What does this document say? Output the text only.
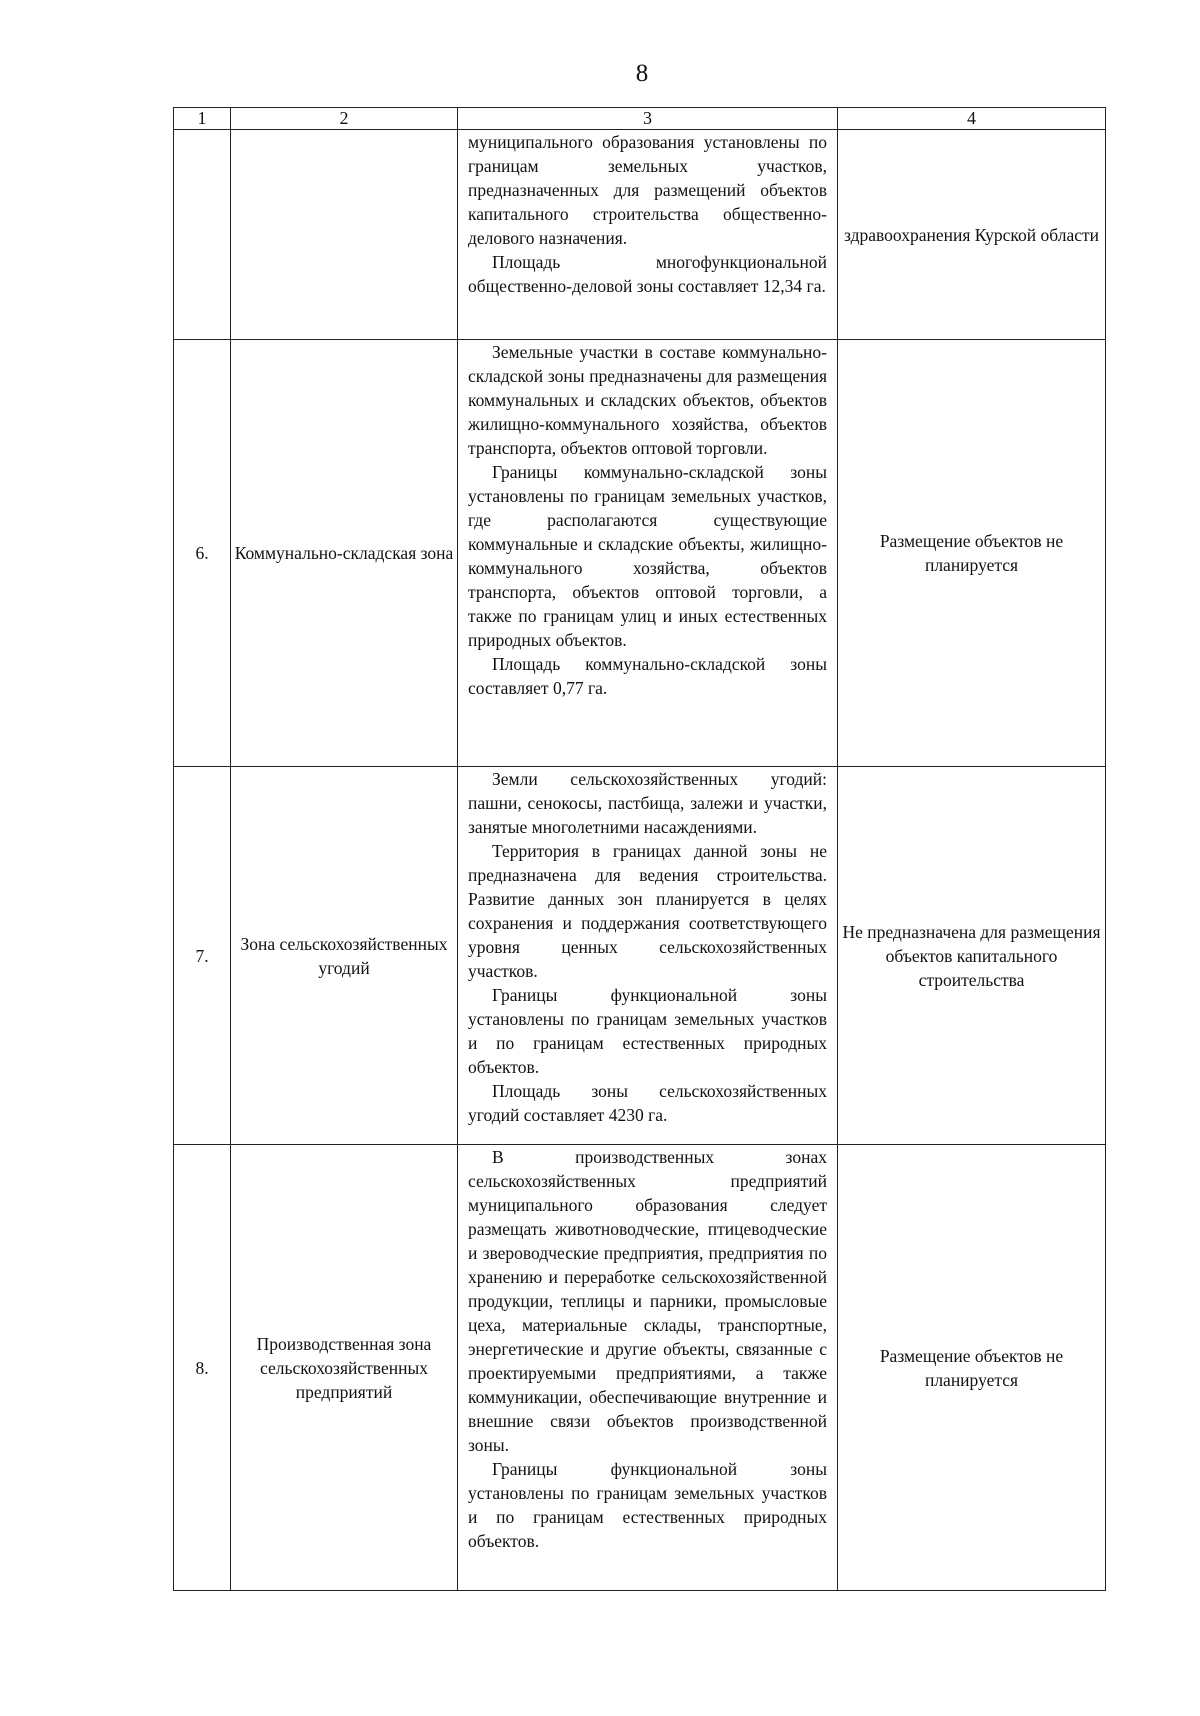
8
1	2	3	4

		муниципального образования установлены по границам земельных участков, предназначенных для размещений объектов капитального строительства общественно-делового назначения.

Площадь многофункциональной общественно-деловой зоны составляет 12,34 га.	здравоохранения Курской области
6.	Коммунально-складская зона	Земельные участки в составе коммунально-складской зоны предназначены для размещения коммунальных и складских объектов, объектов жилищно-коммунального хозяйства, объектов транспорта, объектов оптовой торговли.

Границы коммунально-складской зоны установлены по границам земельных участков, где располагаются существующие коммунальные и складские объекты, жилищно-коммунального хозяйства, объектов транспорта, объектов оптовой торговли, а также по границам улиц и иных естественных природных объектов.

Площадь коммунально-складской зоны составляет 0,77 га.	Размещение объектов не планируется
7.	Зона сельскохозяйственных угодий	Земли сельскохозяйственных угодий: пашни, сенокосы, пастбища, залежи и участки, занятые многолетними насаждениями.

Территория в границах данной зоны не предназначена для ведения строительства. Развитие данных зон планируется в целях сохранения и поддержания соответствующего уровня ценных сельскохозяйственных участков.

Границы функциональной зоны установлены по границам земельных участков и по границам естественных природных объектов.

Площадь зоны сельскохозяйственных угодий составляет 4230 га.	Не предназначена для размещения объектов капитального строительства
8.	Производственная зона сельскохозяйственных предприятий	В производственных зонах сельскохозяйственных предприятий муниципального образования следует размещать животноводческие, птицеводческие и звероводческие предприятия, предприятия по хранению и переработке сельскохозяйственной продукции, теплицы и парники, промысловые цеха, материальные склады, транспортные, энергетические и другие объекты, связанные с проектируемыми предприятиями, а также коммуникации, обеспечивающие внутренние и внешние связи объектов производственной зоны.

Границы функциональной зоны установлены по границам земельных участков и по границам естественных природных объектов.	Размещение объектов не планируется
